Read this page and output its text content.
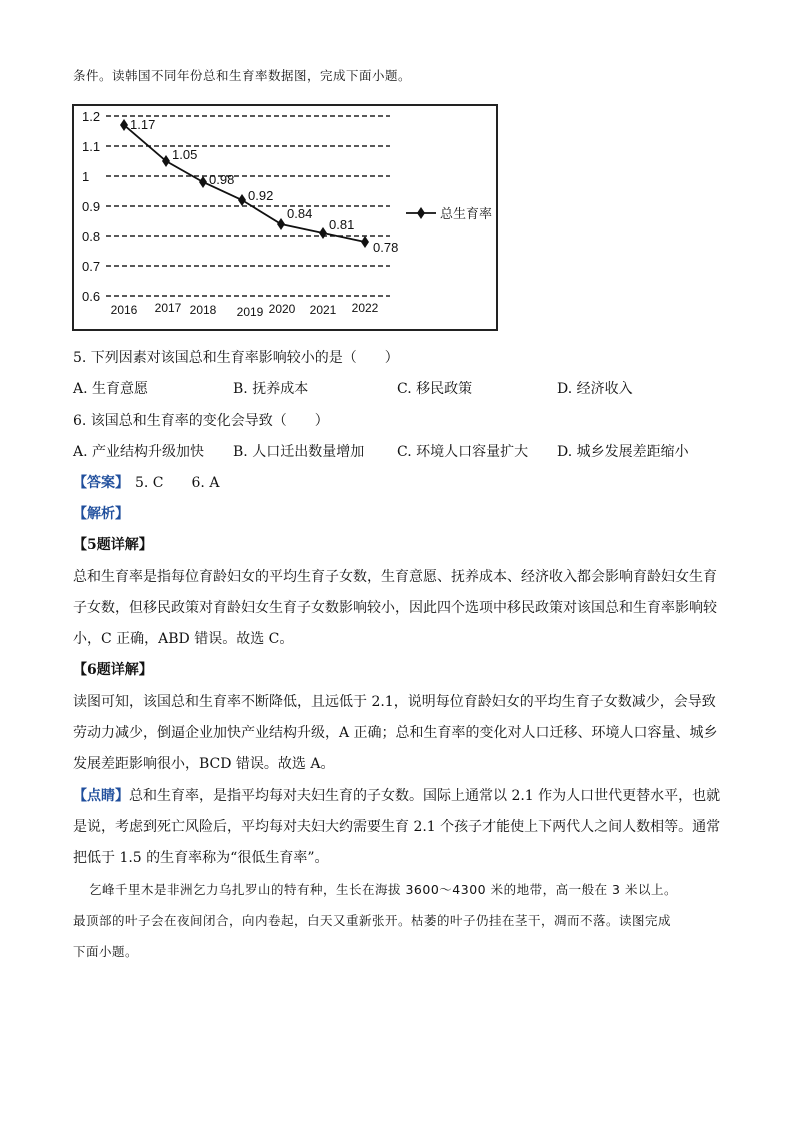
条件。读韩国不同年份总和生育率数据图，完成下面小题。
0.6
0.7
0.8
0.9
1
1.1
1.2
2016 2017 2018 2019 2020 2021 2022
1.17
1.05
0.98
0.92
0.84
0.81
0.78
总生育率
5. 下列因素对该国总和生育率影响较小的是（　　）
A. 生育意愿	B. 抚养成本	C. 移民政策	D. 经济收入
6. 该国总和生育率的变化会导致（　　）
A. 产业结构升级加快 B. 人口迁出数量增加 C. 环境人口容量扩大 D. 城乡发展差距缩小
【答案】 5. C　　6. A
【解析】
【5题详解】
总和生育率是指每位育龄妇女的平均生育子女数，生育意愿、抚养成本、经济收入都会影响育龄妇女生育
子女数，但移民政策对育龄妇女生育子女数影响较小，因此四个选项中移民政策对该国总和生育率影响较
小，C 正确，ABD 错误。故选 C。
【6题详解】
读图可知，该国总和生育率不断降低，且远低于 2.1，说明每位育龄妇女的平均生育子女数减少，会导致
劳动力减少，倒逼企业加快产业结构升级，A 正确；总和生育率的变化对人口迁移、环境人口容量、城乡
发展差距影响很小，BCD 错误。故选 A。
【点睛】总和生育率，是指平均每对夫妇生育的子女数。国际上通常以 2.1 作为人口世代更替水平，也就
是说，考虑到死亡风险后，平均每对夫妇大约需要生育 2.1 个孩子才能使上下两代人之间人数相等。通常
把低于 1.5 的生育率称为“很低生育率”。
乞峰千里木是非洲乞力乌扎罗山的特有种，生长在海拔 3600～4300 米的地带，高一般在 3 米以上。
最顶部的叶子会在夜间闭合，向内卷起，白天又重新张开。枯萎的叶子仍挂在茎干，凋而不落。读图完成
下面小题。
